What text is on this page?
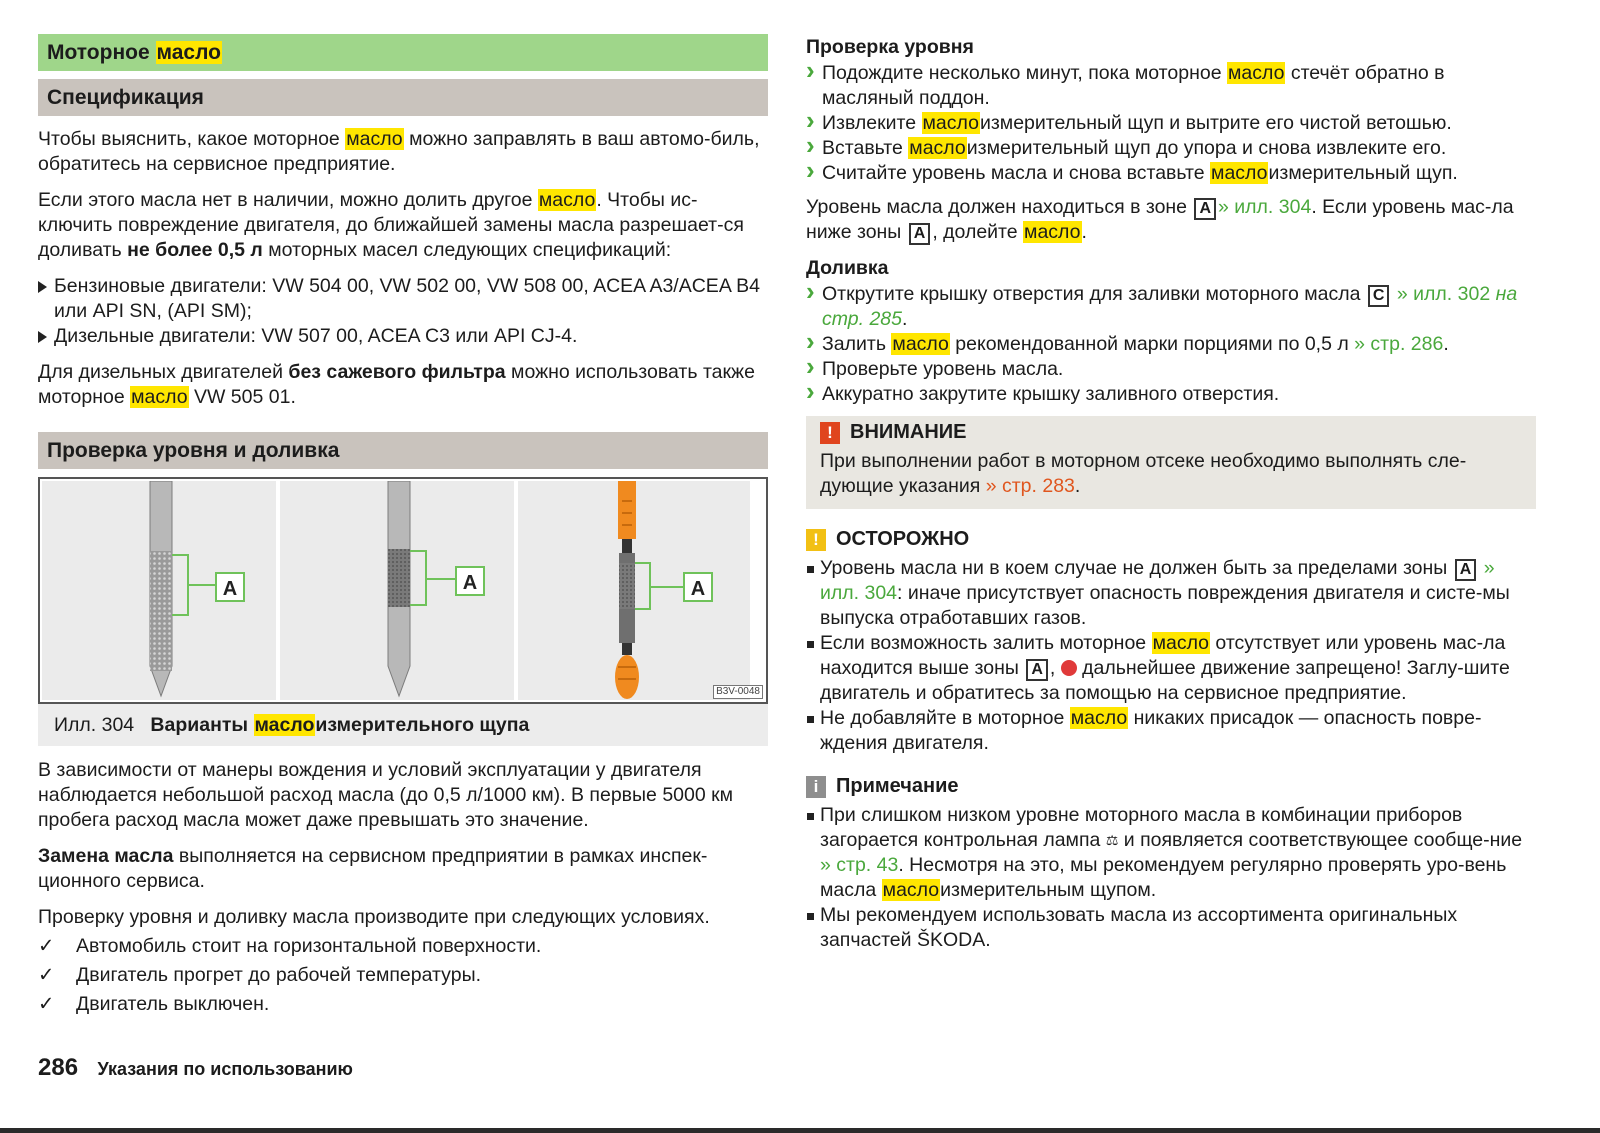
Моторное масло
Спецификация

Чтобы выяснить, какое моторное масло можно заправлять в ваш автомо-биль, обратитесь на сервисное предприятие.

Если этого масла нет в наличии, можно долить другое масло. Чтобы ис-ключить повреждение двигателя, до ближайшей замены масла разрешает-ся доливать не более 0,5 л моторных масел следующих спецификаций:

Бензиновые двигатели: VW 504 00, VW 502 00, VW 508 00, ACEA A3/ACEA B4 или API SN, (API SM);
Дизельные двигатели: VW 507 00, ACEA C3 или API CJ-4.

Для дизельных двигателей без сажевого фильтра можно использовать также моторное масло VW 505 01.

Проверка уровня и доливка
A	A	A
B3V-0048
Илл. 304 Варианты маслоизмерительного щупа

В зависимости от манеры вождения и условий эксплуатации у двигателя наблюдается небольшой расход масла (до 0,5 л/1000 км). В первые 5000 км пробега расход масла может даже превышать это значение.

Замена масла выполняется на сервисном предприятии в рамках инспек-ционного сервиса.

Проверку уровня и доливку масла производите при следующих условиях.

✓ Автомобиль стоит на горизонтальной поверхности.
✓ Двигатель прогрет до рабочей температуры.
✓ Двигатель выключен.
Проверка уровня
› Подождите несколько минут, пока моторное масло стечёт обратно в масляный поддон.
› Извлеките маслоизмерительный щуп и вытрите его чистой ветошью.
› Вставьте маслоизмерительный щуп до упора и снова извлеките его.
› Считайте уровень масла и снова вставьте маслоизмерительный щуп.

Уровень масла должен находиться в зоне A » илл. 304. Если уровень мас-ла ниже зоны A , долейте масло.

Доливка
› Открутите крышку отверстия для заливки моторного масла C » илл. 302 на стр. 285.
› Залить масло рекомендованной марки порциями по 0,5 л » стр. 286.
› Проверьте уровень масла.
› Аккуратно закрутите крышку заливного отверстия.
! ВНИМАНИЕ
При выполнении работ в моторном отсеке необходимо выполнять сле-дующие указания » стр. 283.
! ОСТОРОЖНО
Уровень масла ни в коем случае не должен быть за пределами зоны A » илл. 304: иначе присутствует опасность повреждения двигателя и систе-мы выпуска отработавших газов.
Если возможность залить моторное масло отсутствует или уровень мас-ла находится выше зоны A ,  дальнейшее движение запрещено! Заглу-шите двигатель и обратитесь за помощью на сервисное предприятие.
Не добавляйте в моторное масло никаких присадок — опасность повре-ждения двигателя.
i Примечание
При слишком низком уровне моторного масла в комбинации приборов загорается контрольная лампа ⚖ и появляется соответствующее сообще-ние » стр. 43. Несмотря на это, мы рекомендуем регулярно проверять уро-вень масла маслоизмерительным щупом.
Мы рекомендуем использовать масла из ассортимента оригинальных запчастей ŠKODA.
286 Указания по использованию
